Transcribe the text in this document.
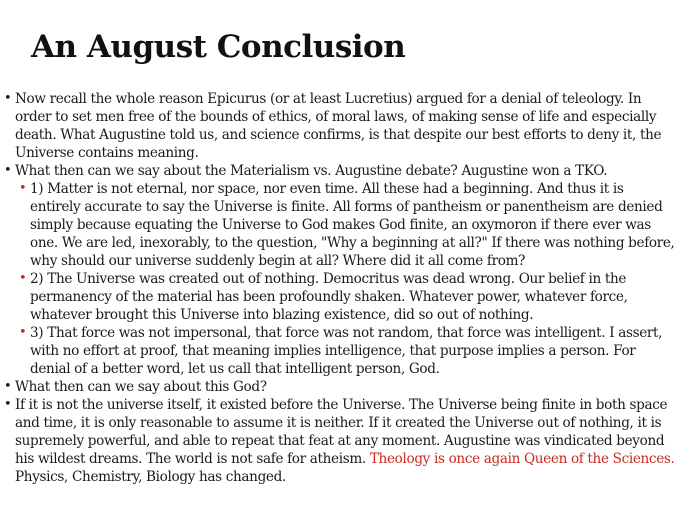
An August Conclusion

• Now recall the whole reason Epicurus (or at least Lucretius) argued for a denial of teleology. In order to set men free of the bounds of ethics, of moral laws, of making sense of life and especially death. What Augustine told us, and science confirms, is that despite our best efforts to deny it, the Universe contains meaning.

• What then can we say about the Materialism vs. Augustine debate? Augustine won a TKO.

• 1) Matter is not eternal, nor space, nor even time. All these had a beginning. And thus it is entirely accurate to say the Universe is finite. All forms of pantheism or panentheism are denied simply because equating the Universe to God makes God finite, an oxymoron if there ever was one. We are led, inexorably, to the question, "Why a beginning at all?" If there was nothing before, why should our universe suddenly begin at all? Where did it all come from?

• 2) The Universe was created out of nothing. Democritus was dead wrong. Our belief in the permanency of the material has been profoundly shaken. Whatever power, whatever force, whatever brought this Universe into blazing existence, did so out of nothing.

• 3) That force was not impersonal, that force was not random, that force was intelligent. I assert, with no effort at proof, that meaning implies intelligence, that purpose implies a person. For denial of a better word, let us call that intelligent person, God.

• What then can we say about this God?

• If it is not the universe itself, it existed before the Universe. The Universe being finite in both space and time, it is only reasonable to assume it is neither. If it created the Universe out of nothing, it is supremely powerful, and able to repeat that feat at any moment. Augustine was vindicated beyond his wildest dreams. The world is not safe for atheism. Theology is once again Queen of the Sciences. Physics, Chemistry, Biology has changed.
